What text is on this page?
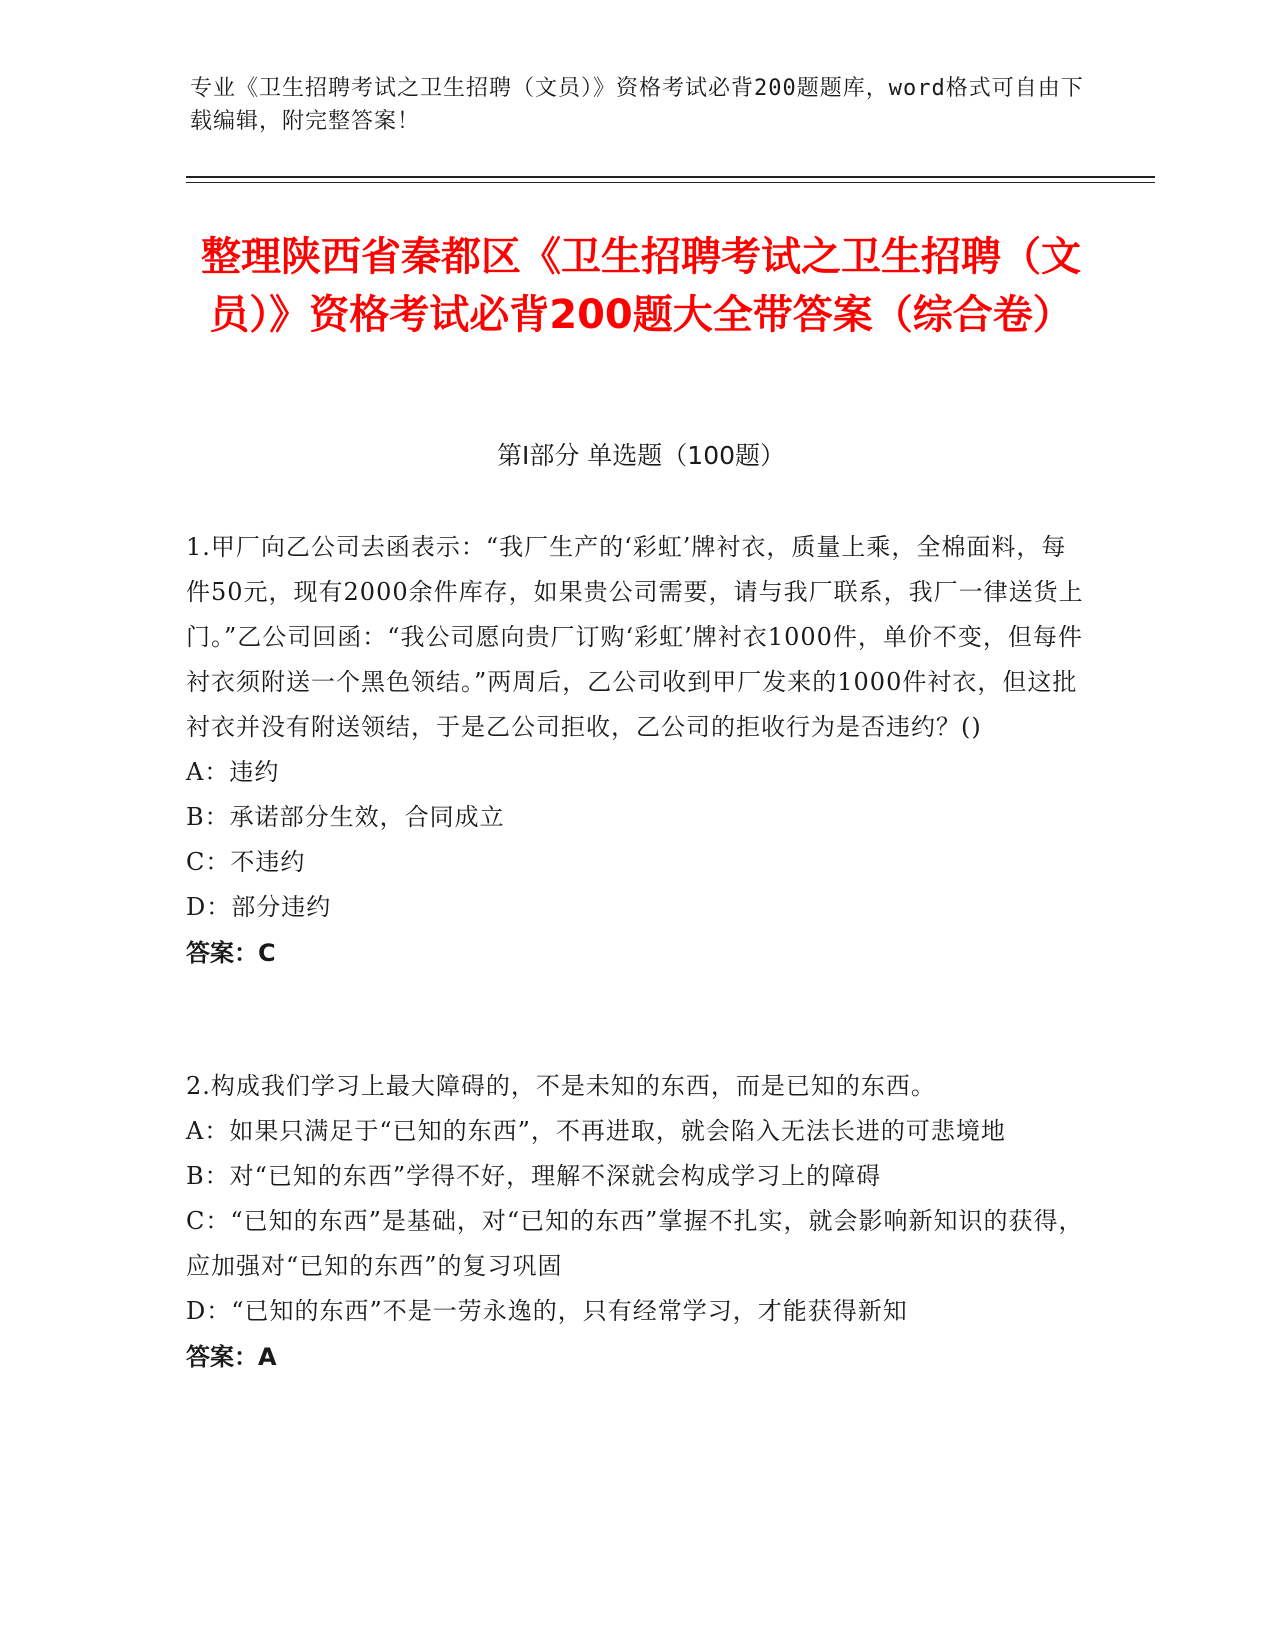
专业《卫生招聘考试之卫生招聘（文员）》资格考试必背200题题库，word格式可自由下载编辑，附完整答案！
整理陕西省秦都区《卫生招聘考试之卫生招聘（文员）》资格考试必背200题大全带答案（综合卷）
第I部分 单选题（100题）
1.甲厂向乙公司去函表示：“我厂生产的‘彩虹’牌衬衣，质量上乘，全棉面料，每件50元，现有2000余件库存，如果贵公司需要，请与我厂联系，我厂一律送货上门。”乙公司回函：“我公司愿向贵厂订购‘彩虹’牌衬衣1000件，单价不变，但每件衬衣须附送一个黑色领结。”两周后，乙公司收到甲厂发来的1000件衬衣，但这批衬衣并没有附送领结，于是乙公司拒收，乙公司的拒收行为是否违约？()
A：违约
B：承诺部分生效，合同成立
C：不违约
D：部分违约
答案：C
2.构成我们学习上最大障碍的，不是未知的东西，而是已知的东西。
A：如果只满足于“已知的东西”，不再进取，就会陷入无法长进的可悲境地
B：对“已知的东西”学得不好，理解不深就会构成学习上的障碍
C：“已知的东西”是基础，对“已知的东西”掌握不扎实，就会影响新知识的获得，应加强对“已知的东西”的复习巩固
D：“已知的东西”不是一劳永逸的，只有经常学习，才能获得新知
答案：A
